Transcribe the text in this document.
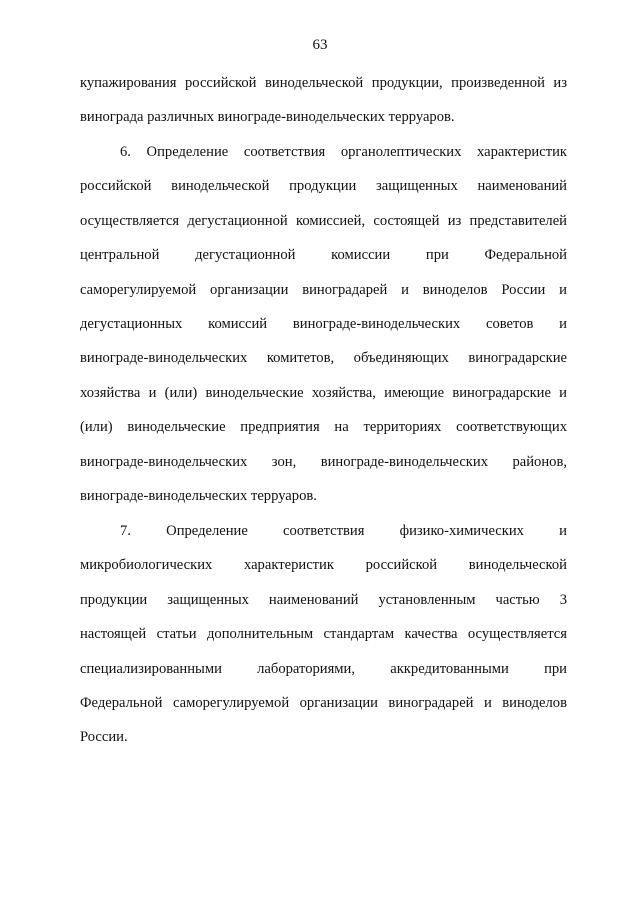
63
купажирования российской винодельческой продукции, произведенной из
винограда различных винограде-винодельческих терруаров.
6. Определение соответствия органолептических характеристик
российской винодельческой продукции защищенных наименований
осуществляется дегустационной комиссией, состоящей из представителей
центральной дегустационной комиссии при Федеральной
саморегулируемой организации виноградарей и виноделов России и
дегустационных комиссий винограде-винодельческих советов и
винограде-винодельческих комитетов, объединяющих виноградарские
хозяйства и (или) винодельческие хозяйства, имеющие виноградарские и
(или) винодельческие предприятия на территориях соответствующих
винограде-винодельческих зон, винограде-винодельческих районов,
винограде-винодельческих терруаров.
7. Определение соответствия физико-химических и
микробиологических характеристик российской винодельческой
продукции защищенных наименований установленным частью 3
настоящей статьи дополнительным стандартам качества осуществляется
специализированными лабораториями, аккредитованными при
Федеральной саморегулируемой организации виноградарей и виноделов
России.
